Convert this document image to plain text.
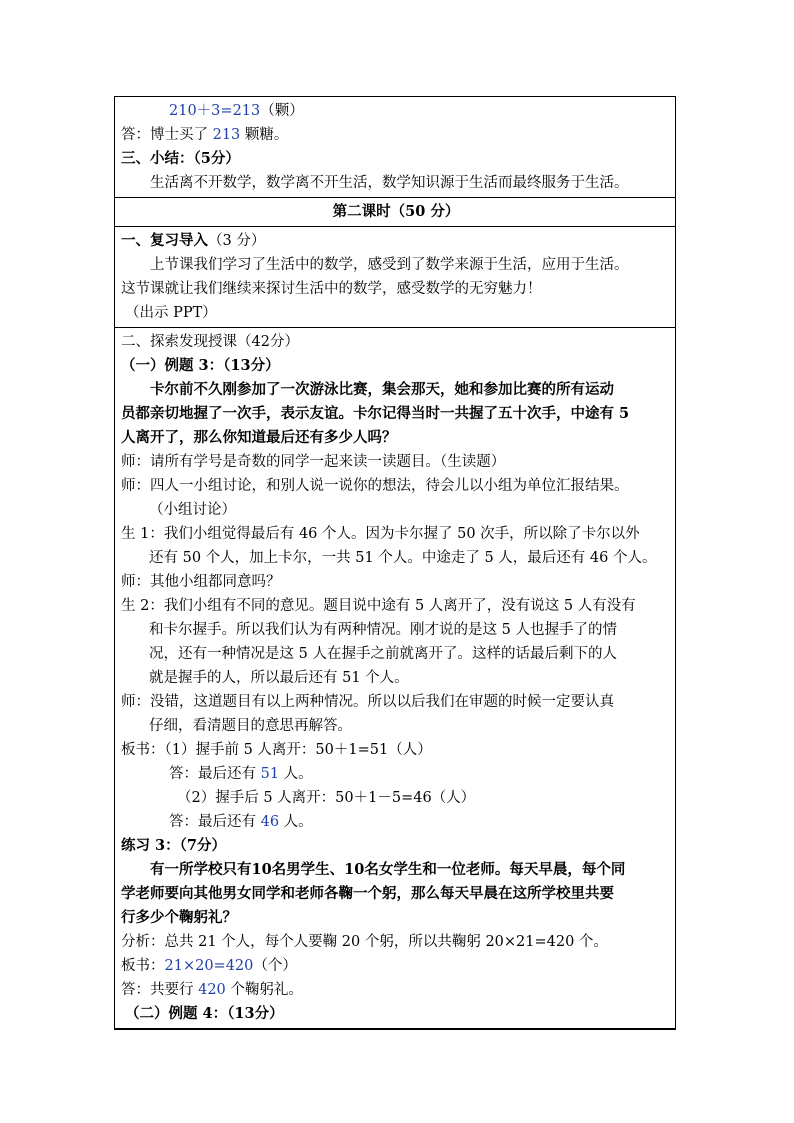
210＋3=213（颗）
答：博士买了 213 颗糖。
三、小结：（5分）
生活离不开数学，数学离不开生活，数学知识源于生活而最终服务于生活。
第二课时（50 分）
一、复习导入（3 分）
上节课我们学习了生活中的数学，感受到了数学来源于生活，应用于生活。
这节课就让我们继续来探讨生活中的数学，感受数学的无穷魅力！
（出示 PPT）
二、探索发现授课（42分）
（一）例题 3：（13分）
卡尔前不久刚参加了一次游泳比赛，集会那天，她和参加比赛的所有运动
员都亲切地握了一次手，表示友谊。卡尔记得当时一共握了五十次手，中途有 5
人离开了，那么你知道最后还有多少人吗？
师：请所有学号是奇数的同学一起来读一读题目。（生读题）
师：四人一小组讨论，和别人说一说你的想法，待会儿以小组为单位汇报结果。
（小组讨论）
生 1：我们小组觉得最后有 46 个人。因为卡尔握了 50 次手，所以除了卡尔以外
还有 50 个人，加上卡尔，一共 51 个人。中途走了 5 人，最后还有 46 个人。
师：其他小组都同意吗？
生 2：我们小组有不同的意见。题目说中途有 5 人离开了，没有说这 5 人有没有
和卡尔握手。所以我们认为有两种情况。刚才说的是这 5 人也握手了的情
况，还有一种情况是这 5 人在握手之前就离开了。这样的话最后剩下的人
就是握手的人，所以最后还有 51 个人。
师：没错，这道题目有以上两种情况。所以以后我们在审题的时候一定要认真
仔细，看清题目的意思再解答。
板书：（1）握手前 5 人离开：50＋1=51（人）
答：最后还有 51 人。
（2）握手后 5 人离开：50＋1－5=46（人）
答：最后还有 46 人。
练习 3：（7分）
有一所学校只有10名男学生、10名女学生和一位老师。每天早晨，每个同
学老师要向其他男女同学和老师各鞠一个躬，那么每天早晨在这所学校里共要
行多少个鞠躬礼？
分析：总共 21 个人，每个人要鞠 20 个躬，所以共鞠躬 20×21=420 个。
板书：21×20=420（个）
答：共要行 420 个鞠躬礼。
（二）例题 4：（13分）
